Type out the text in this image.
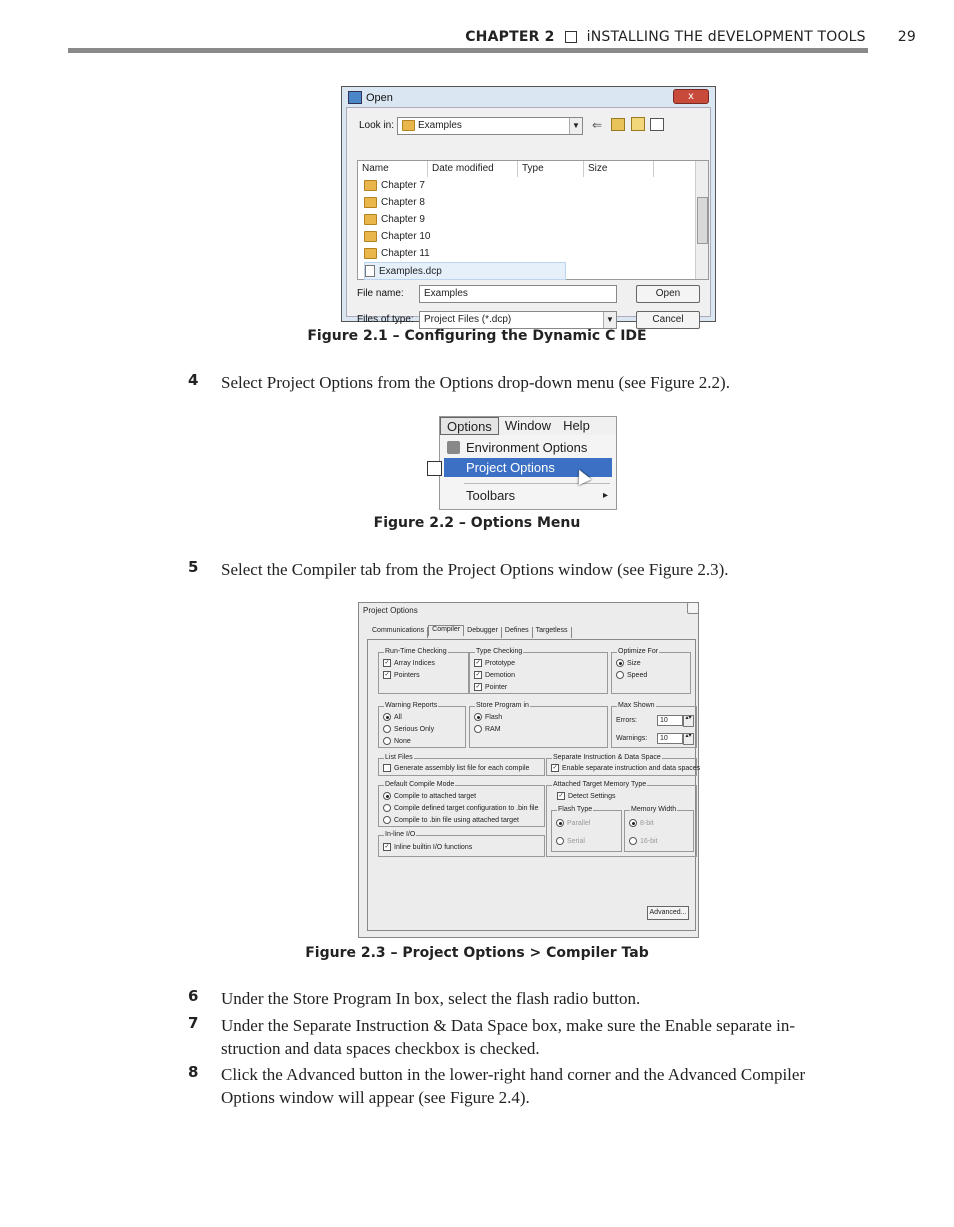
CHAPTER 2 iNSTALLING THE dEVELOPMENT TOOLS 29
Open	x
Look in:	Examples	▼ ⇐
Name	Date modified	Type	Size
Chapter 7
Chapter 8
Chapter 9
Chapter 10
Chapter 11
Examples.dcp
File name:	Examples
Files of type:	Project Files (*.dcp)	▼
Open
Cancel
Figure 2.1 – Configuring the Dynamic C IDE
4 Select Project Options from the Options drop-down menu (see Figure 2.2).
Options	Window Help
Environment Options
Project Options
Toolbars	▸
Figure 2.2 – Options Menu
5 Select the Compiler tab from the Project Options window (see Figure 2.3).
Project Options
Communications	Compiler	Debugger	Defines	Targetless
Run-Time Checking
✓ Array Indices
✓ Pointers
Type Checking
✓ Prototype
✓ Demotion
✓ Pointer
Optimize For
Size
Speed
Warning Reports
All
Serious Only
None
Store Program in
Flash
RAM
Max Shown
Errors:	10 ▴▾
Warnings:	10 ▴▾
List Files
Generate assembly list file for each compile
Separate Instruction & Data Space
✓ Enable separate instruction and data spaces
Default Compile Mode
Compile to attached target
Compile defined target configuration to .bin file
Compile to .bin file using attached target
Attached Target Memory Type
✓ Detect Settings
Flash Type
Parallel
Serial
Memory Width
8-bit
16-bit
In-line I/O
✓ Inline builtin I/O functions
Advanced...
Figure 2.3 – Project Options > Compiler Tab
6 Under the Store Program In box, select the flash radio button.
7 Under the Separate Instruction & Data Space box, make sure the Enable separate in-
struction and data spaces checkbox is checked.
8 Click the Advanced button in the lower-right hand corner and the Advanced Compiler
Options window will appear (see Figure 2.4).
